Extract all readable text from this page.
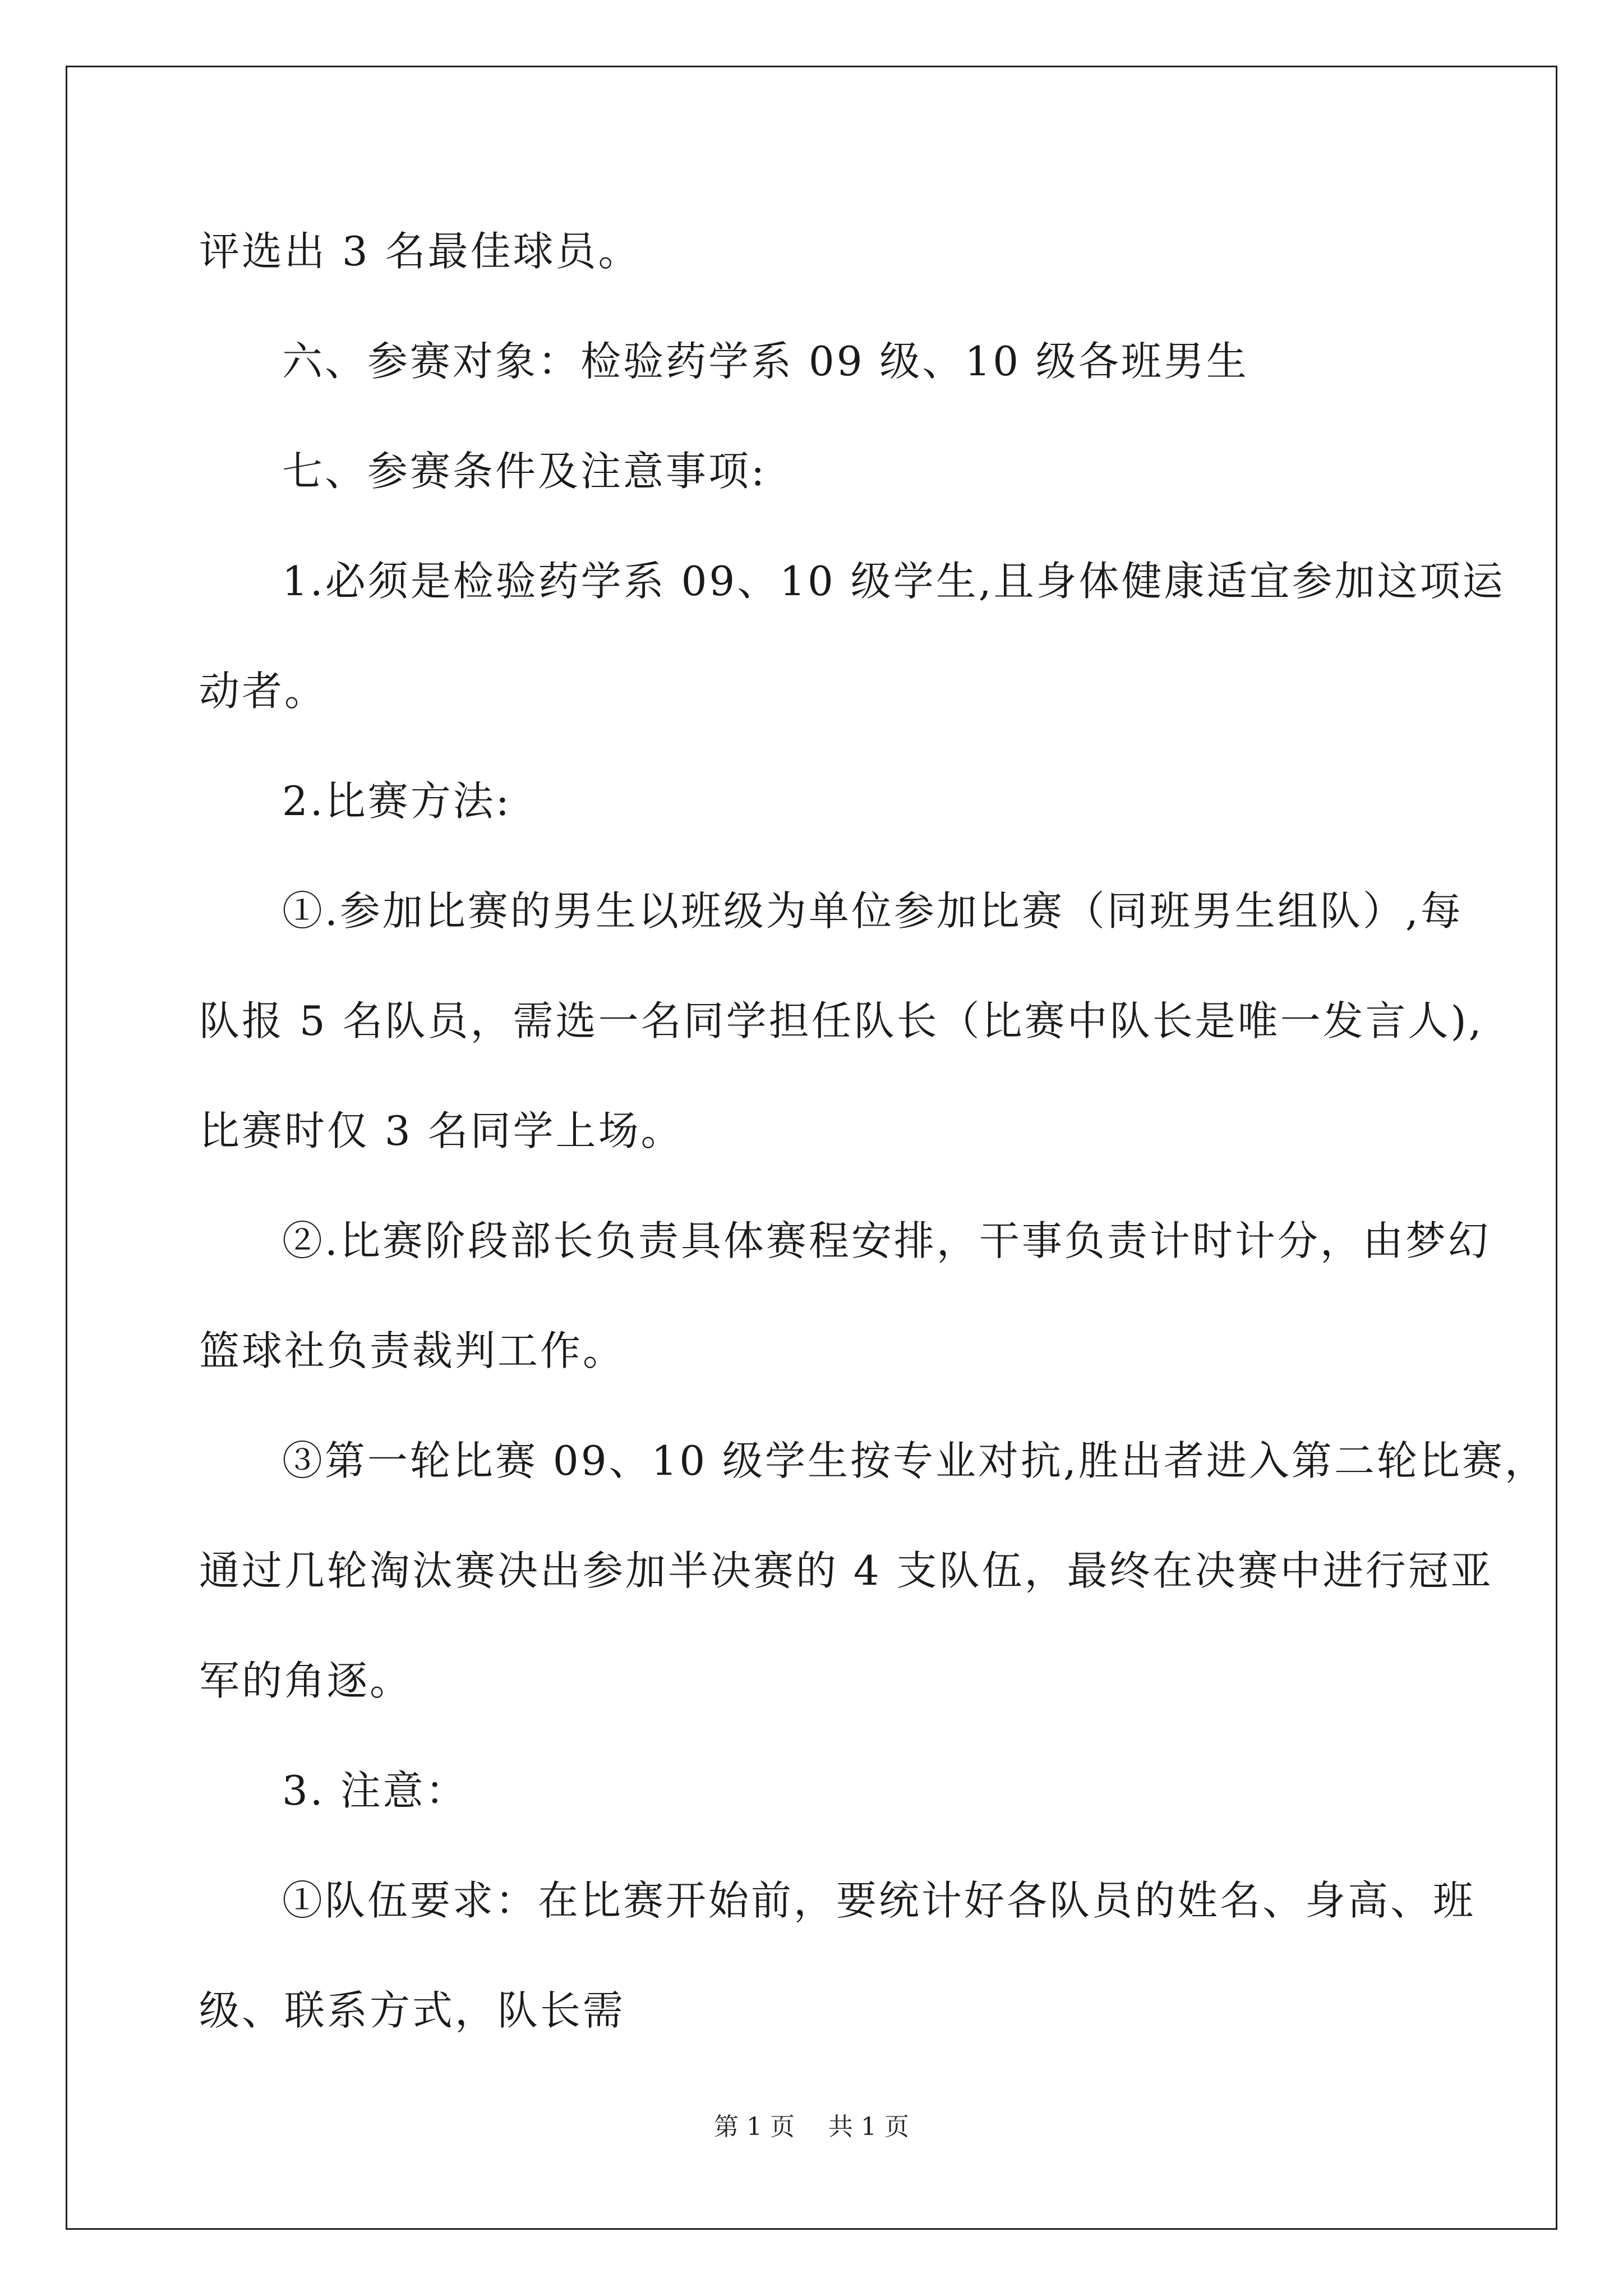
评选出 3 名最佳球员。
六、参赛对象：检验药学系 09 级、10 级各班男生
七、参赛条件及注意事项:
1.必须是检验药学系 09、10 级学生,且身体健康适宜参加这项运
动者。
2.比赛方法:
①.参加比赛的男生以班级为单位参加比赛（同班男生组队）,每
队报 5 名队员，需选一名同学担任队长（比赛中队长是唯一发言人),
比赛时仅 3 名同学上场。
②.比赛阶段部长负责具体赛程安排，干事负责计时计分，由梦幻
篮球社负责裁判工作。
③第一轮比赛 09、10 级学生按专业对抗,胜出者进入第二轮比赛，
通过几轮淘汰赛决出参加半决赛的 4 支队伍，最终在决赛中进行冠亚
军的角逐。
3. 注意：
①队伍要求：在比赛开始前，要统计好各队员的姓名、身高、班
级、联系方式，队长需
第 1 页 共 1 页
